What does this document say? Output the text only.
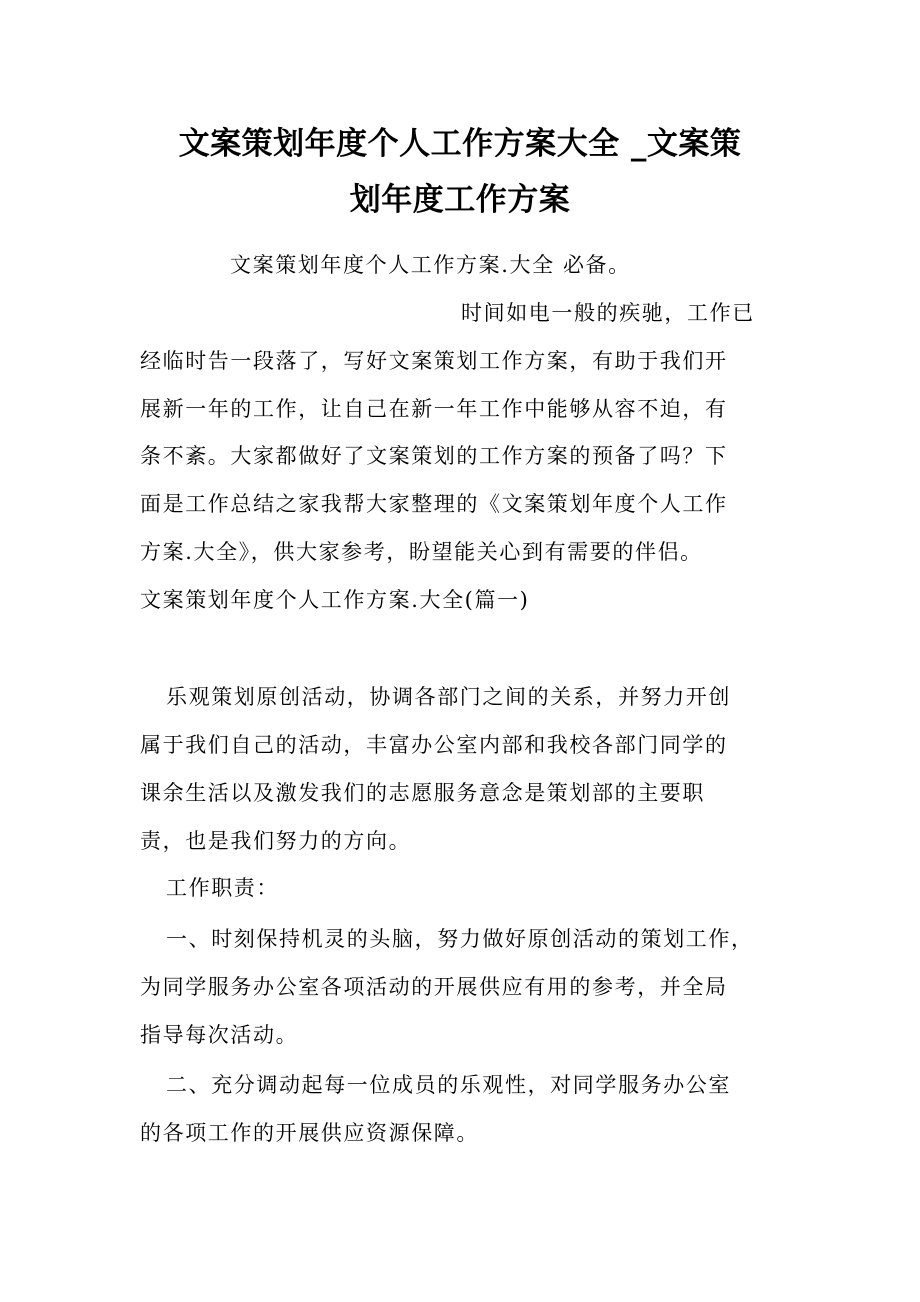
文案策划年度个人工作方案大全 _文案策
划年度工作方案

文案策划年度个人工作方案.大全 必备。

时间如电一般的疾驰，工作已

经临时告一段落了，写好文案策划工作方案，有助于我们开

展新一年的工作，让自己在新一年工作中能够从容不迫，有

条不紊。大家都做好了文案策划的工作方案的预备了吗？下

面是工作总结之家我帮大家整理的《文案策划年度个人工作

方案.大全》，供大家参考，盼望能关心到有需要的伴侣。

文案策划年度个人工作方案.大全(篇一)

乐观策划原创活动，协调各部门之间的关系，并努力开创

属于我们自己的活动，丰富办公室内部和我校各部门同学的

课余生活以及激发我们的志愿服务意念是策划部的主要职

责，也是我们努力的方向。

工作职责：

一、时刻保持机灵的头脑，努力做好原创活动的策划工作，

为同学服务办公室各项活动的开展供应有用的参考，并全局

指导每次活动。

二、充分调动起每一位成员的乐观性，对同学服务办公室

的各项工作的开展供应资源保障。
